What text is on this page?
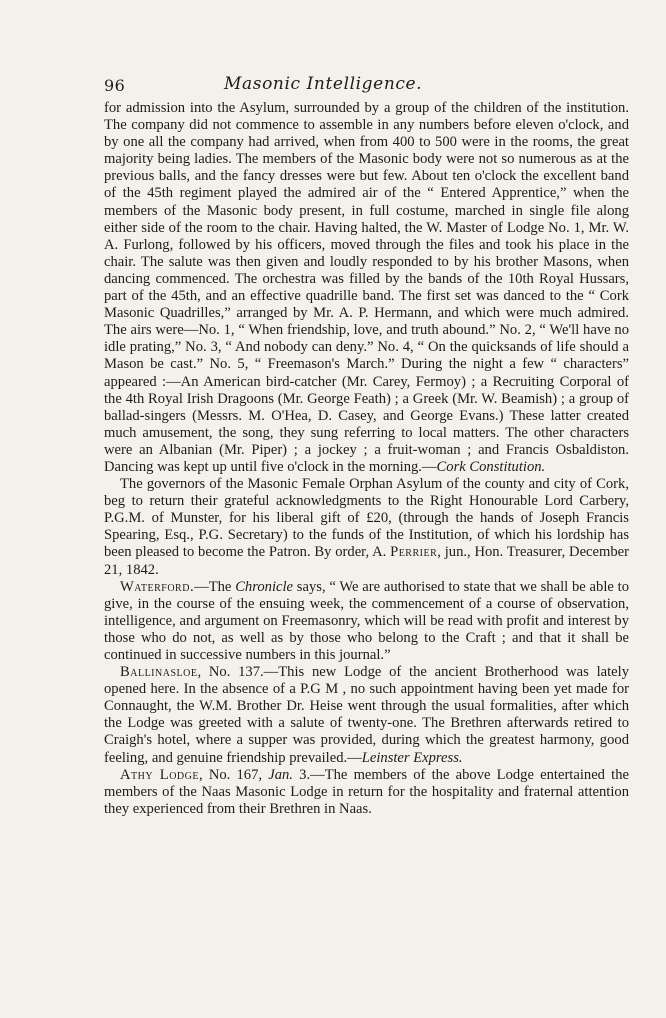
96	Masonic Intelligence.

for admission into the Asylum, surrounded by a group of the children of the institution. The company did not commence to assemble in any numbers before eleven o'clock, and by one all the company had arrived, when from 400 to 500 were in the rooms, the great majority being ladies. The members of the Masonic body were not so numerous as at the previous balls, and the fancy dresses were but few. About ten o'clock the excellent band of the 45th regiment played the admired air of the “ Entered Apprentice,” when the members of the Masonic body present, in full costume, marched in single file along either side of the room to the chair. Having halted, the W. Master of Lodge No. 1, Mr. W. A. Furlong, followed by his officers, moved through the files and took his place in the chair. The salute was then given and loudly responded to by his brother Masons, when dancing commenced. The orchestra was filled by the bands of the 10th Royal Hussars, part of the 45th, and an effective quadrille band. The first set was danced to the “ Cork Masonic Quadrilles,” arranged by Mr. A. P. Hermann, and which were much admired. The airs were—No. 1, “ When friendship, love, and truth abound.” No. 2, “ We'll have no idle prating,” No. 3, “ And nobody can deny.” No. 4, “ On the quicksands of life should a Mason be cast.” No. 5, “ Freemason's March.” During the night a few “ characters” appeared :—An American bird-catcher (Mr. Carey, Fermoy) ; a Recruiting Corporal of the 4th Royal Irish Dragoons (Mr. George Feath) ; a Greek (Mr. W. Beamish) ; a group of ballad-singers (Messrs. M. O'Hea, D. Casey, and George Evans.) These latter created much amusement, the song, they sung referring to local matters. The other characters were an Albanian (Mr. Piper) ; a jockey ; a fruit-woman ; and Francis Osbaldiston. Dancing was kept up until five o'clock in the morning.—Cork Constitution.

The governors of the Masonic Female Orphan Asylum of the county and city of Cork, beg to return their grateful acknowledgments to the Right Honourable Lord Carbery, P.G.M. of Munster, for his liberal gift of £20, (through the hands of Joseph Francis Spearing, Esq., P.G. Secretary) to the funds of the Institution, of which his lordship has been pleased to become the Patron. By order, A. Perrier, jun., Hon. Treasurer, December 21, 1842.

Waterford.—The Chronicle says, “ We are authorised to state that we shall be able to give, in the course of the ensuing week, the commencement of a course of observation, intelligence, and argument on Freemasonry, which will be read with profit and interest by those who do not, as well as by those who belong to the Craft ; and that it shall be continued in successive numbers in this journal.”

Ballinasloe, No. 137.—This new Lodge of the ancient Brotherhood was lately opened here. In the absence of a P.G M , no such appointment having been yet made for Connaught, the W.M. Brother Dr. Heise went through the usual formalities, after which the Lodge was greeted with a salute of twenty-one. The Brethren afterwards retired to Craigh's hotel, where a supper was provided, during which the greatest harmony, good feeling, and genuine friendship prevailed.—Leinster Express.

Athy Lodge, No. 167, Jan. 3.—The members of the above Lodge entertained the members of the Naas Masonic Lodge in return for the hospitality and fraternal attention they experienced from their Brethren in Naas.
